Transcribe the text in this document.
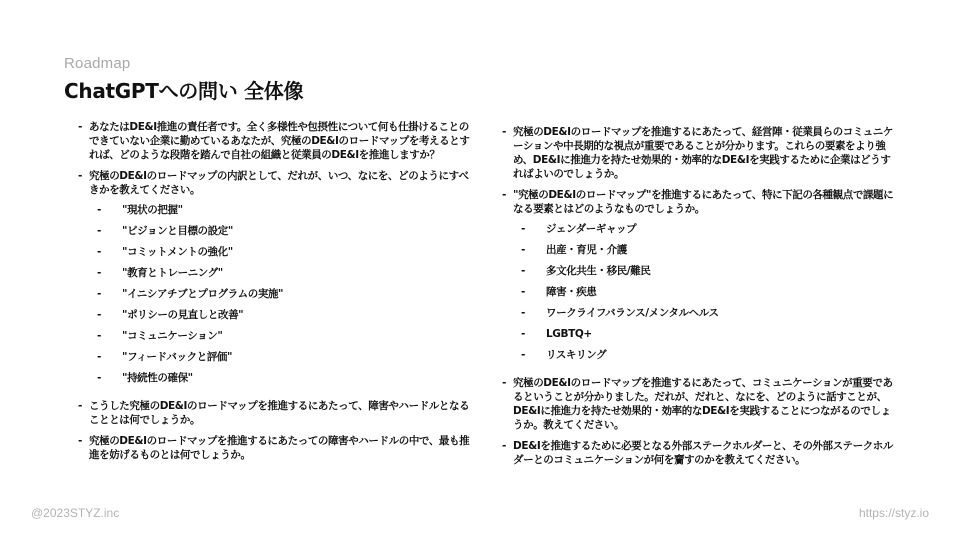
Roadmap
ChatGPTへの問い 全体像
- あなたはDE&I推進の責任者です。全く多様性や包摂性について何も仕掛けることのできていない企業に勤めているあなたが、究極のDE&Iのロードマップを考えるとすれば、どのような段階を踏んで自社の組織と従業員のDE&Iを推進しますか？
- 究極のDE&Iのロードマップの内訳として、だれが、いつ、なにを、どのようにすべきかを教えてください。
- "現状の把握"
- "ビジョンと目標の設定"
- "コミットメントの強化"
- "教育とトレーニング"
- "イニシアチブとプログラムの実施"
- "ポリシーの見直しと改善"
- "コミュニケーション"
- "フィードバックと評価"
- "持続性の確保"
- こうした究極のDE&Iのロードマップを推進するにあたって、障害やハードルとなることとは何でしょうか。
- 究極のDE&Iのロードマップを推進するにあたっての障害やハードルの中で、最も推進を妨げるものとは何でしょうか。
- 究極のDE&Iのロードマップを推進するにあたって、経営陣・従業員らのコミュニケーションや中長期的な視点が重要であることが分かります。これらの要素をより強め、DE&Iに推進力を持たせ効果的・効率的なDE&Iを実践するために企業はどうすればよいのでしょうか。
- "究極のDE&Iのロードマップ"を推進するにあたって、特に下記の各種観点で課題になる要素とはどのようなものでしょうか。
- ジェンダーギャップ
- 出産・育児・介護
- 多文化共生・移民/難民
- 障害・疾患
- ワークライフバランス/メンタルヘルス
- LGBTQ+
- リスキリング
- 究極のDE&Iのロードマップを推進するにあたって、コミュニケーションが重要であるということが分かりました。だれが、だれと、なにを、どのように話すことが、DE&Iに推進力を持たせ効果的・効率的なDE&Iを実践することにつながるのでしょうか。教えてください。
- DE&Iを推進するために必要となる外部ステークホルダーと、その外部ステークホルダーとのコミュニケーションが何を齎すのかを教えてください。
@2023STYZ.inc	https://styz.io
